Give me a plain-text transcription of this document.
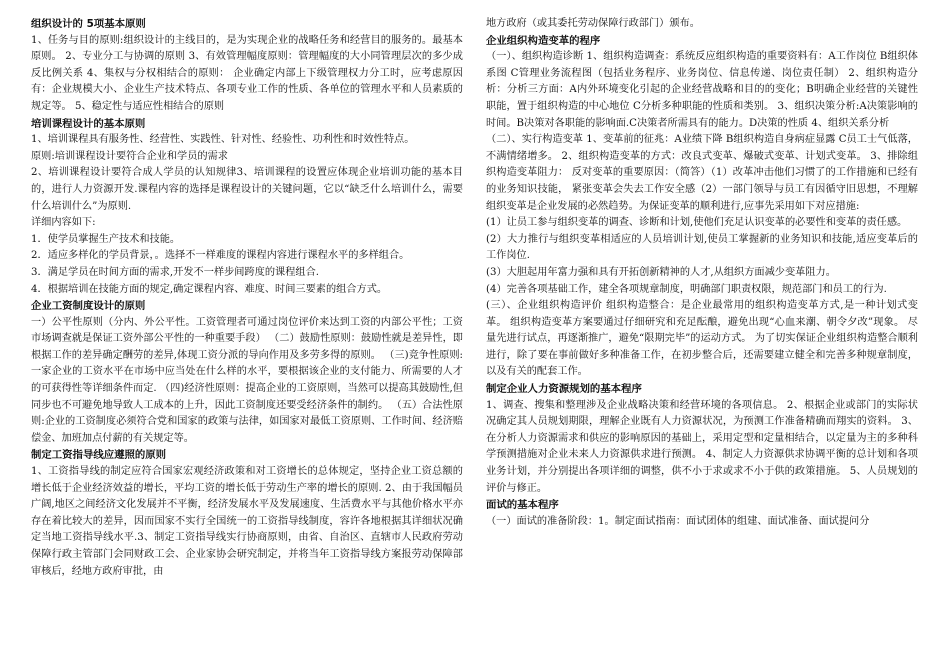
组织设计的 5项基本原则

1、任务与目的原则:组织设计的主线目的，是为实现企业的战略任务和经营目的服务的。最基本原则。 2、专业分工与协调的原则 3、有效管理幅度原则：管理幅度的大小同管理层次的多少成反比例关系 4、集权与分权相结合的原则： 企业确定内部上下级管理权力分工时，应考虑原因有：企业规模大小、企业生产技术特点、各项专业工作的性质、各单位的管理水平和人员素质的规定等。 5、稳定性与适应性相结合的原则

培训课程设计的基本原则

1、培训课程具有服务性、经营性、实践性、针对性、经验性、功利性和时效性特点。

原则:培训课程设计要符合企业和学员的需求

2、培训课程设计要符合成人学员的认知规律3、培训课程的设置应体现企业培训功能的基本目的，进行人力资源开发.课程内容的选择是课程设计的关键问题，它以“缺乏什么培训什么，需要什么培训什么”为原则.

详细内容如下:

1．使学员掌握生产技术和技能。

2．适应多样化的学员背景，。选择不一样难度的课程内容进行课程水平的多样组合。

3．满足学员在时间方面的需求,开发不一样步间跨度的课程组合.

4．根据培训在技能方面的规定,确定课程内容、难度、时间三要素的组合方式。

企业工资制度设计的原则

一）公平性原则（分内、外公平性。工资管理者可通过岗位评价来达到工资的内部公平性；工资市场调查就是保证工资外部公平性的一种重要手段） （二）鼓励性原则：鼓励性就是差异性，即根据工作的差异确定酬劳的差异,体现工资分派的导向作用及多劳多得的原则。 （三)竞争性原则:一家企业的工资水平在市场中应当处在什么样的水平，要根据该企业的支付能力、所需要的人才的可获得性等详细条件而定. （四)经济性原则：提高企业的工资原则，当然可以提高其鼓励性,但同步也不可避免地导致人工成本的上升，因此工资制度还要受经济条件的制约。 （五）合法性原则:企业的工资制度必须符合党和国家的政策与法律，如国家对最低工资原则、工作时间、经济赔偿金、加班加点付薪的有关规定等。

制定工资指导线应遵照的原则

1、工资指导线的制定应符合国家宏观经济政策和对工资增长的总体规定，坚持企业工资总额的增长低于企业经济效益的增长，平均工资的增长低于劳动生产率的增长的原则. 2、由于我国幅员广阔,地区之间经济文化发展并不平衡，经济发展水平及发展速度、生活费水平与其他价格水平亦存在着比较大的差异，因而国家不实行全国统一的工资指导线制度，容许各地根据其详细状况确定当地工资指导线水平.3、制定工资指导线实行协商原则，由省、自治区、直辖市人民政府劳动保障行政主管部门会同财政工会、企业家协会研究制定，并将当年工资指导线方案报劳动保障部审核后，经地方政府审批，由

地方政府（或其委托劳动保障行政部门）颁布。

企业组织构造变革的程序

（一）、组织构造诊断 1、组织构造调查：系统反应组织构造的重要资料有：A工作岗位 B组织体系图 C管理业务流程图（包括业务程序、业务岗位、信息传递、岗位责任制） 2、组织构造分析：分析三方面：A内外环境变化引起的企业经营战略和目的的变化；B明确企业经营的关键性职能，置于组织构造的中心地位 C分析多种职能的性质和类别。 3、组织决策分析:A决策影响的时间。B决策对各职能的影响面.C决策者所需具有的能力。D决策的性质 4、组织关系分析

（二）、实行构造变革 1、变革前的征兆：A业绩下降 B组织构造自身病症显露 C员工士气低落，不满情绪增多。 2、组织构造变革的方式：改良式变革、爆破式变革、计划式变革。 3、排除组织构造变革阻力： 反对变革的重要原因：（简答）（1）改革冲击他们习惯了的工作措施和已经有的业务知识技能， 紧张变革会失去工作安全感（2）一部门领导与员工有因循守旧思想，不理解组织变革是企业发展的必然趋势。为保证变革的顺利进行,应事先采用如下对应措施:

(1）让员工参与组织变革的调查、诊断和计划,使他们充足认识变革的必要性和变革的责任感。

(2）大力推行与组织变革相适应的人员培训计划,使员工掌握新的业务知识和技能,适应变革后的工作岗位.

(3）大胆起用年富力强和具有开拓创新精神的人才,从组织方面减少变革阻力。

(4）完善各项基础工作，建全各项规章制度，明确部门职责权限，规范部门和员工的行为.

(三）、企业组织构造评价 组织构造整合：是企业最常用的组织构造变革方式,是一种计划式变革。 组织构造变革方案要通过仔细研究和充足酝酿，避免出现“心血来潮、朝令夕改”现象。 尽量先进行试点，再逐渐推广，避免“限期完毕”的运动方式。 为了切实保证企业组织构造整合顺利进行，除了要在事前做好多种准备工作，在初步整合后，还需要建立健全和完善多种规章制度，以及有关的配套工作。

制定企业人力资源规划的基本程序

1、调查、搜集和整理涉及企业战略决策和经营环境的各项信息。 2、根据企业或部门的实际状况确定其人员规划期限，理解企业既有人力资源状况，为预测工作准备精确而翔实的资料。 3、在分析人力资源需求和供应的影响原因的基础上，采用定型和定量相结合，以定量为主的多种科学预测措施对企业未来人力资源供求进行预测。 4、制定人力资源供求协调平衡的总计划和各项业务计划，并分别提出各项详细的调整，供不小于求或求不小于供的政策措施。 5、人员规划的评价与修正。

面试的基本程序

（一）面试的准备阶段：1。制定面试指南：面试团体的组建、面试准备、面试提问分
